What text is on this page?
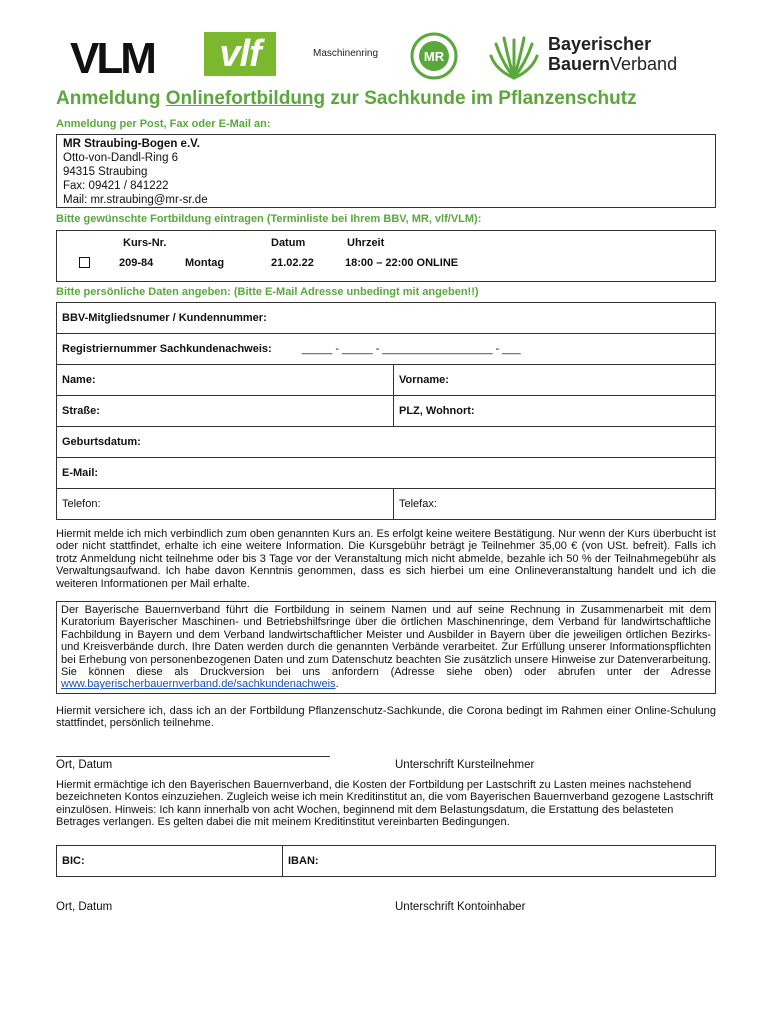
VLM	vlf	Maschinenring	MR
Bayerischer
BauernVerband
Anmeldung Onlinefortbildung zur Sachkunde im Pflanzenschutz
Anmeldung per Post, Fax oder E-Mail an:
MR Straubing-Bogen e.V.
Otto-von-Dandl-Ring 6
94315 Straubing
Fax: 09421 / 841222
Mail: mr.straubing@mr-sr.de
Bitte gewünschte Fortbildung eintragen (Terminliste bei Ihrem BBV, MR, vlf/VLM):
Kurs-Nr.	Datum	Uhrzeit
209-84	Montag	21.02.22	18:00 – 22:00 ONLINE
Bitte persönliche Daten angeben: (Bitte E-Mail Adresse unbedingt mit angeben!!)
BBV-Mitgliedsnumer / Kundennummer:	
Registriernummer Sachkundenachweis: _____ - _____ - __________________ - ___	
Name:	Vorname:
Straße:	PLZ, Wohnort:
Geburtsdatum:	
E-Mail:	
Telefon:	Telefax:
Hiermit melde ich mich verbindlich zum oben genannten Kurs an. Es erfolgt keine weitere Bestätigung. Nur wenn der Kurs überbucht ist oder nicht stattfindet, erhalte ich eine weitere Information. Die Kursgebühr beträgt je Teilnehmer 35,00 € (von USt. befreit). Falls ich trotz Anmeldung nicht teilnehme oder bis 3 Tage vor der Veranstaltung mich nicht abmelde, bezahle ich 50 % der Teilnahmegebühr als Verwaltungsaufwand. Ich habe davon Kenntnis genommen, dass es sich hierbei um eine Onlineveranstaltung handelt und ich die weiteren Informationen per Mail erhalte.
Der Bayerische Bauernverband führt die Fortbildung in seinem Namen und auf seine Rechnung in Zusammenarbeit mit dem Kuratorium Bayerischer Maschinen- und Betriebshilfsringe über die örtlichen Maschinenringe, dem Verband für landwirtschaftliche Fachbildung in Bayern und dem Verband landwirtschaftlicher Meister und Ausbilder in Bayern über die jeweiligen örtlichen Bezirks- und Kreisverbände durch. Ihre Daten werden durch die genannten Verbände verarbeitet. Zur Erfüllung unserer Informationspflichten bei Erhebung von personenbezogenen Daten und zum Datenschutz beachten Sie zusätzlich unsere Hinweise zur Datenverarbeitung. Sie können diese als Druckversion bei uns anfordern (Adresse siehe oben) oder abrufen unter der Adresse www.bayerischerbauernverband.de/sachkundenachweis.
Hiermit versichere ich, dass ich an der Fortbildung Pflanzenschutz-Sachkunde, die Corona bedingt im Rahmen einer Online-Schulung stattfindet, persönlich teilnehme.
Ort, Datum	Unterschrift Kursteilnehmer
Hiermit ermächtige ich den Bayerischen Bauernverband, die Kosten der Fortbildung per Lastschrift zu Lasten meines nachstehend bezeichneten Kontos einzuziehen. Zugleich weise ich mein Kreditinstitut an, die vom Bayerischen Bauernverband gezogene Lastschrift einzulösen. Hinweis: Ich kann innerhalb von acht Wochen, beginnend mit dem Belastungsdatum, die Erstattung des belasteten Betrages verlangen. Es gelten dabei die mit meinem Kreditinstitut vereinbarten Bedingungen.
BIC:	IBAN:
Ort, Datum	Unterschrift Kontoinhaber
